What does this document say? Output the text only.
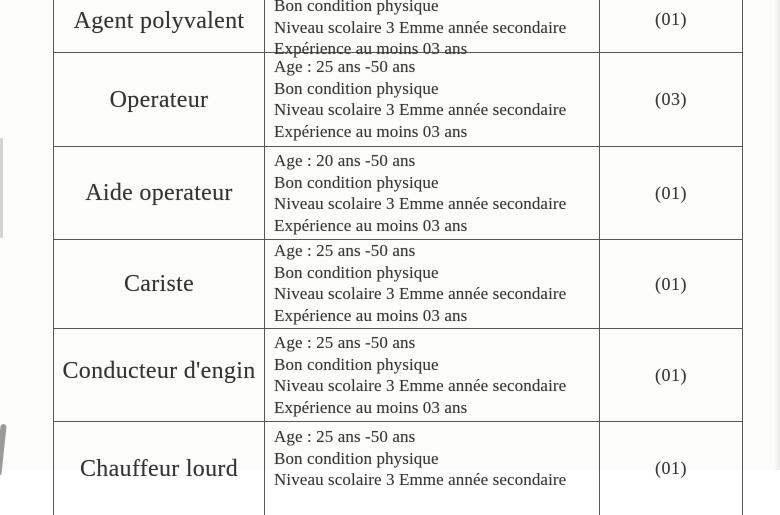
Agent polyvalent
Bon condition physique
Niveau scolaire 3 Emme année secondaire
Expérience au moins 03 ans
(01)
Operateur
Age : 25 ans -50 ans
Bon condition physique
Niveau scolaire 3 Emme année secondaire
Expérience au moins 03 ans
(03)
Aide operateur
Age : 20 ans -50 ans
Bon condition physique
Niveau scolaire 3 Emme année secondaire
Expérience au moins 03 ans
(01)
Cariste
Age : 25 ans -50 ans
Bon condition physique
Niveau scolaire 3 Emme année secondaire
Expérience au moins 03 ans
(01)
Conducteur d'engin
Age : 25 ans -50 ans
Bon condition physique
Niveau scolaire 3 Emme année secondaire
Expérience au moins 03 ans
(01)
Chauffeur lourd
Age : 25 ans -50 ans
Bon condition physique
Niveau scolaire 3 Emme année secondaire
(01)
